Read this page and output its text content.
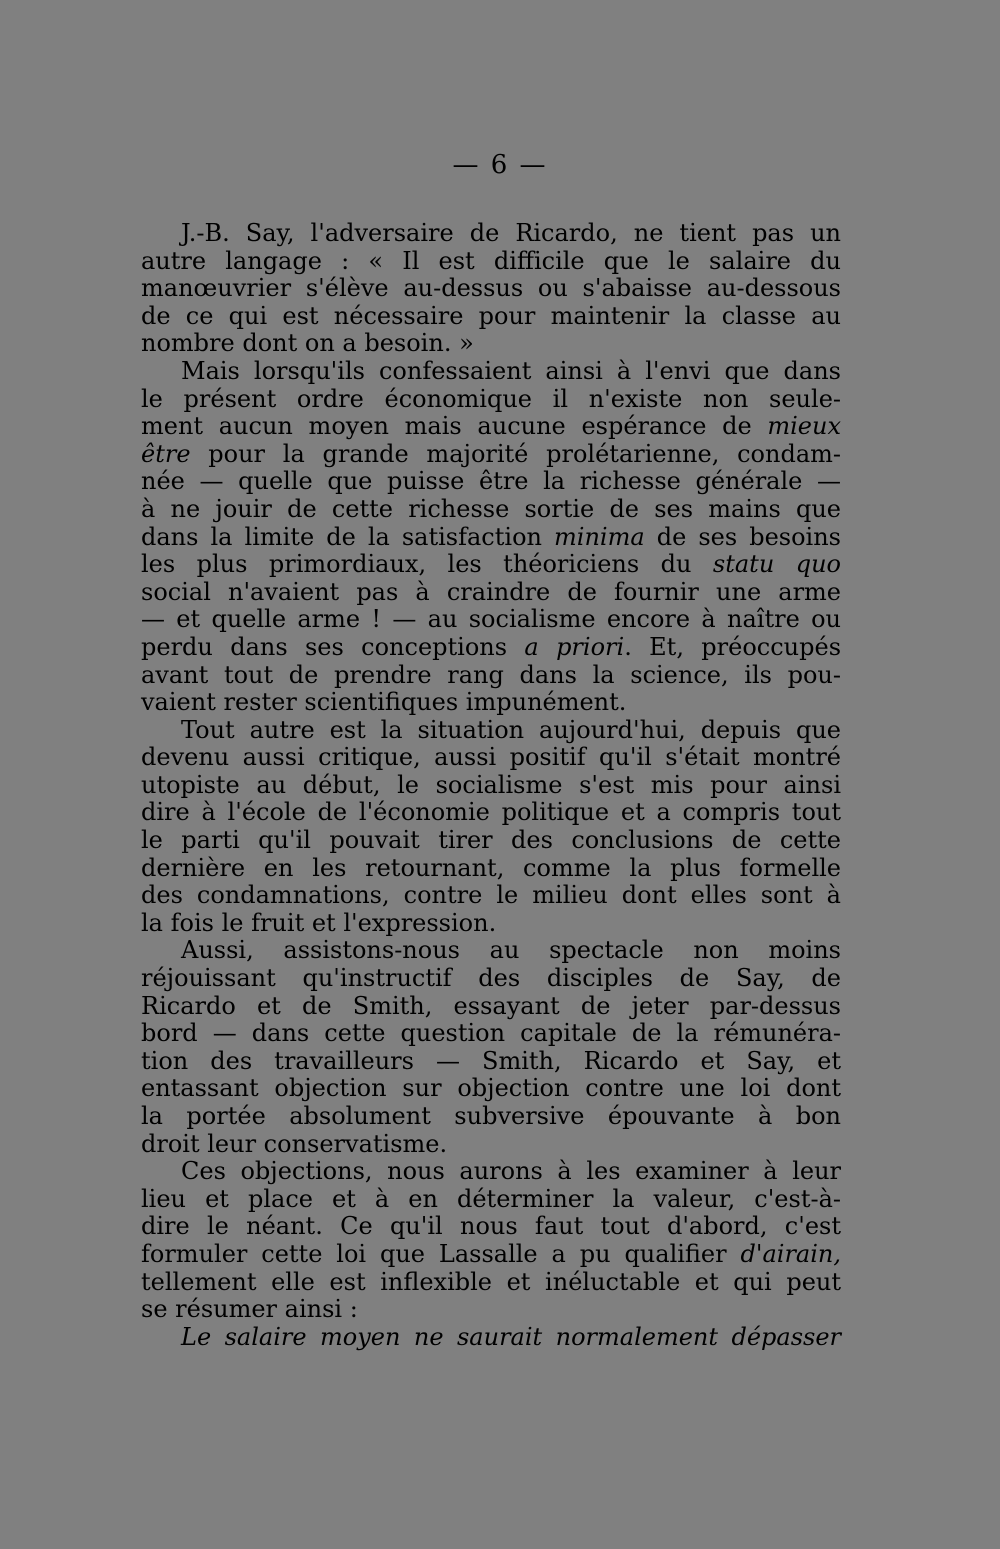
— 6 —
J.-B. Say, l'adversaire de Ricardo, ne tient pas un
autre langage : « Il est difficile que le salaire du
manœuvrier s'élève au-dessus ou s'abaisse au-dessous
de ce qui est nécessaire pour maintenir la classe au
nombre dont on a besoin. »
Mais lorsqu'ils confessaient ainsi à l'envi que dans
le présent ordre économique il n'existe non seule-
ment aucun moyen mais aucune espérance de mieux
être pour la grande majorité prolétarienne, condam-
née — quelle que puisse être la richesse générale —
à ne jouir de cette richesse sortie de ses mains que
dans la limite de la satisfaction minima de ses besoins
les plus primordiaux, les théoriciens du statu quo
social n'avaient pas à craindre de fournir une arme
— et quelle arme ! — au socialisme encore à naître ou
perdu dans ses conceptions a priori. Et, préoccupés
avant tout de prendre rang dans la science, ils pou-
vaient rester scientifiques impunément.
Tout autre est la situation aujourd'hui, depuis que
devenu aussi critique, aussi positif qu'il s'était montré
utopiste au début, le socialisme s'est mis pour ainsi
dire à l'école de l'économie politique et a compris tout
le parti qu'il pouvait tirer des conclusions de cette
dernière en les retournant, comme la plus formelle
des condamnations, contre le milieu dont elles sont à
la fois le fruit et l'expression.
Aussi, assistons-nous au spectacle non moins
réjouissant qu'instructif des disciples de Say, de
Ricardo et de Smith, essayant de jeter par-dessus
bord — dans cette question capitale de la rémunéra-
tion des travailleurs — Smith, Ricardo et Say, et
entassant objection sur objection contre une loi dont
la portée absolument subversive épouvante à bon
droit leur conservatisme.
Ces objections, nous aurons à les examiner à leur
lieu et place et à en déterminer la valeur, c'est-à-
dire le néant. Ce qu'il nous faut tout d'abord, c'est
formuler cette loi que Lassalle a pu qualifier d'airain,
tellement elle est inflexible et inéluctable et qui peut
se résumer ainsi :
Le salaire moyen ne saurait normalement dépasser
